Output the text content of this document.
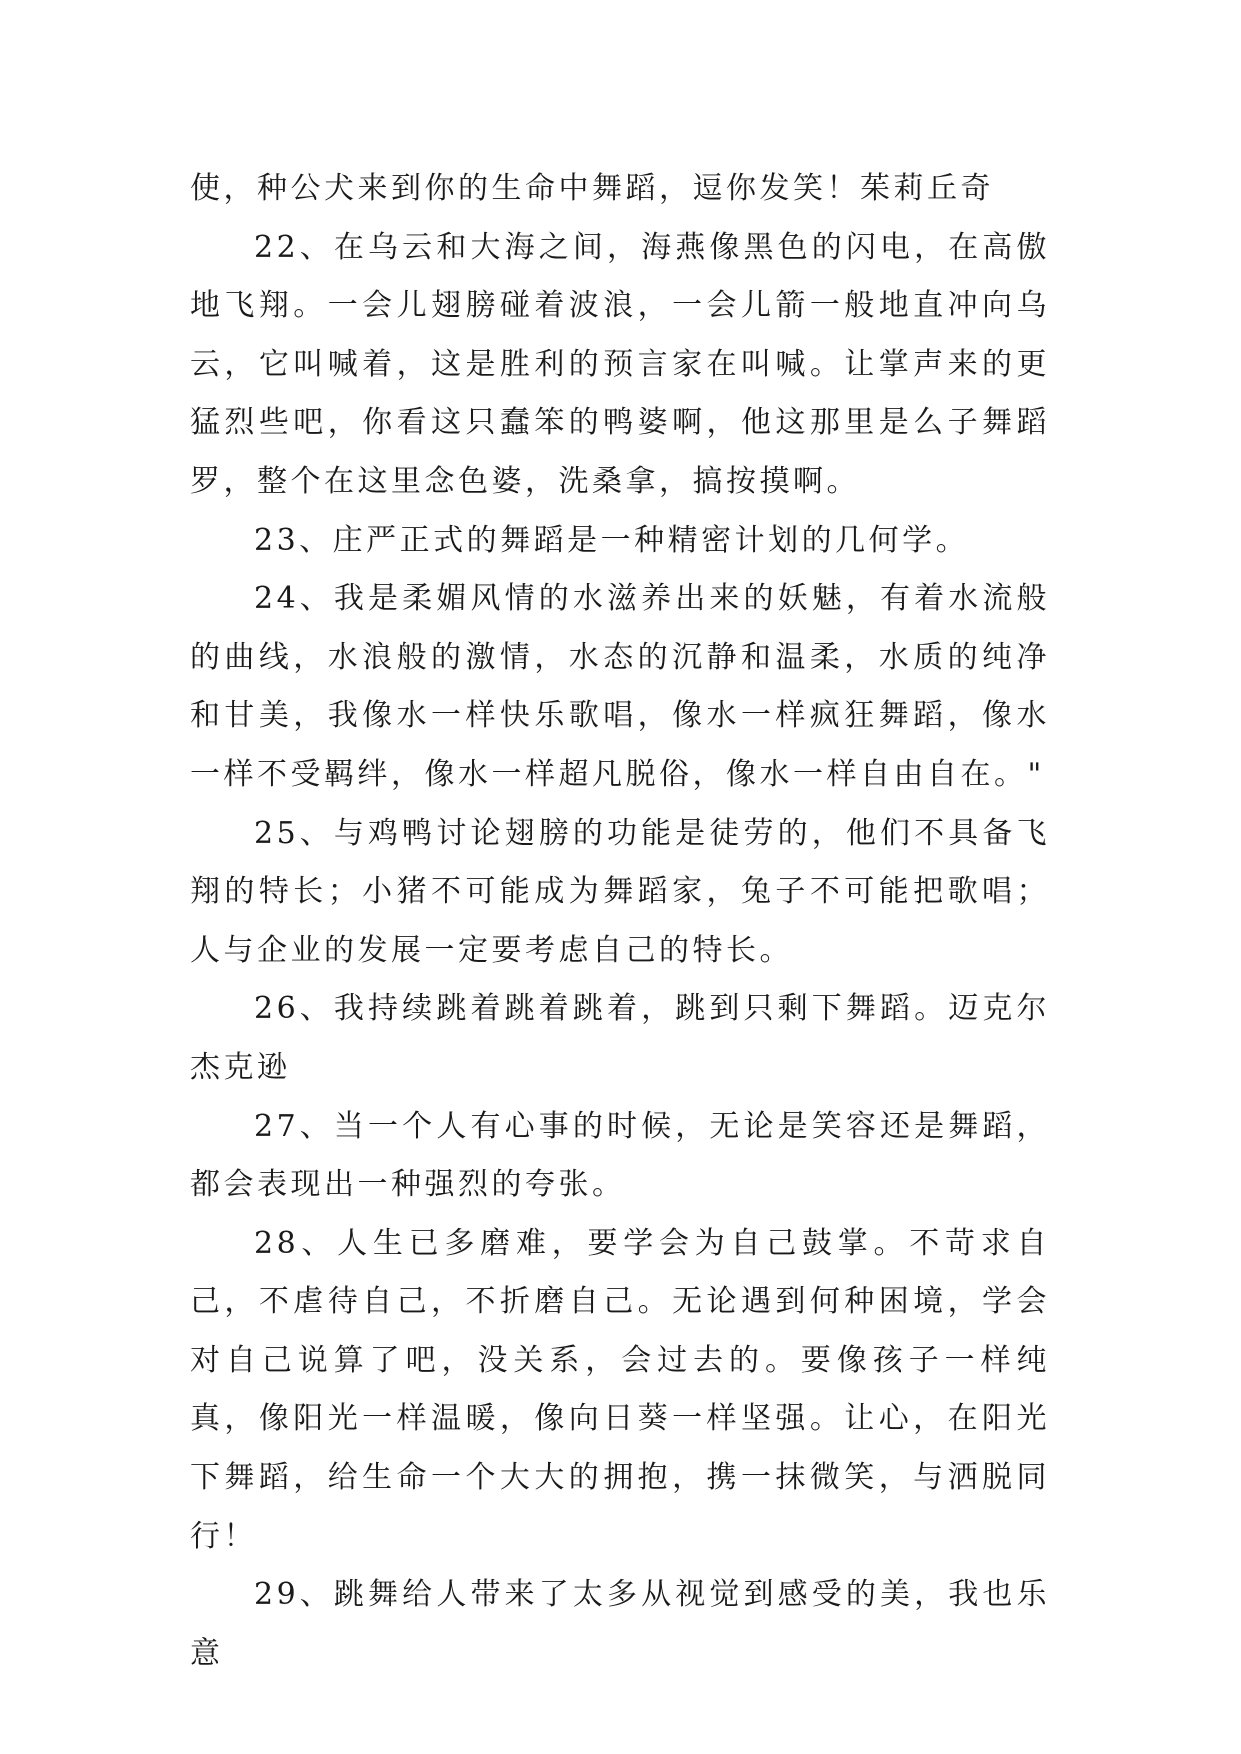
使，种公犬来到你的生命中舞蹈，逗你发笑！茱莉丘奇

22、在乌云和大海之间，海燕像黑色的闪电，在高傲地飞翔。一会儿翅膀碰着波浪，一会儿箭一般地直冲向乌云，它叫喊着，这是胜利的预言家在叫喊。让掌声来的更猛烈些吧，你看这只蠢笨的鸭婆啊，他这那里是么子舞蹈罗，整个在这里念色婆，洗桑拿，搞按摸啊。

23、庄严正式的舞蹈是一种精密计划的几何学。

24、我是柔媚风情的水滋养出来的妖魅，有着水流般的曲线，水浪般的激情，水态的沉静和温柔，水质的纯净和甘美，我像水一样快乐歌唱，像水一样疯狂舞蹈，像水一样不受羁绊，像水一样超凡脱俗，像水一样自由自在。"

25、与鸡鸭讨论翅膀的功能是徒劳的，他们不具备飞翔的特长；小猪不可能成为舞蹈家，兔子不可能把歌唱；人与企业的发展一定要考虑自己的特长。

26、我持续跳着跳着跳着，跳到只剩下舞蹈。迈克尔杰克逊

27、当一个人有心事的时候，无论是笑容还是舞蹈，都会表现出一种强烈的夸张。

28、人生已多磨难，要学会为自己鼓掌。不苛求自己，不虐待自己，不折磨自己。无论遇到何种困境，学会对自己说算了吧，没关系，会过去的。要像孩子一样纯真，像阳光一样温暖，像向日葵一样坚强。让心，在阳光下舞蹈，给生命一个大大的拥抱，携一抹微笑，与洒脱同行！

29、跳舞给人带来了太多从视觉到感受的美，我也乐意
